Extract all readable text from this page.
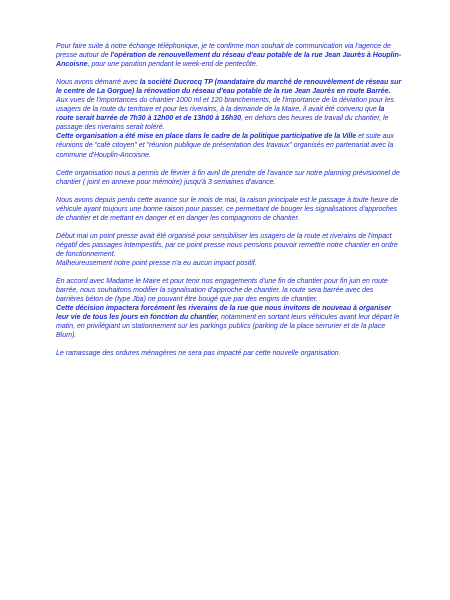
Pour faire suite à notre échange téléphonique, je te confirme mon souhait de communication via l'agence de presse autour de l'opération de renouvellement du réseau d'eau potable de la rue Jean Jaurès à Houplin-Ancoisne, pour une parution pendant le week-end de pentecôte.

Nous avons démarré avec la société Ducrocq TP (mandataire du marché de renouvèlement de réseau sur le centre de La Gorgue) la rénovation du réseau d'eau potable de la rue Jean Jaurès en route Barrée.
Aux vues de l'importances du chantier 1000 ml et 120 branchements, de l'importance de la déviation pour les usagers de la route du territoire et pour les riverains, à la demande de la Maire, il avait été convenu que la route serait barrée de 7h30 à 12h00 et de 13h00 à 16h30, en dehors des heures de travail du chantier, le passage des riverains serait toléré.
Cette organisation a été mise en place dans le cadre de la politique participative de la Ville et suite aux réunions de "café citoyen" et "réunion publique de présentation des travaux" organisés en partenariat avec la commune d'Houplin-Ancoisne.

Cette organisation nous a permis de février à fin avril de prendre de l'avance sur notre planning prévisionnel de chantier ( joint en annexe pour mémoire) jusqu'à 3 semaines d'avance.

Nous avons depuis perdu cette avance sur le mois de mai, la raison principale est le passage à toute heure de véhicule ayant toujours une bonne raison pour passer, ce permettant de bouger les signalisations d'approches de chantier et de mettant en danger et en danger les compagnons de chantier.

Début mai un point presse avait été organisé pour sensibiliser les usagers de la route et riverains de l'impact négatif des passages intempestifs, par ce point presse nous pensions pouvoir remettre notre chantier en ordre de fonctionnement.
Malheureusement notre point presse n'a eu aucun impact positif.

En accord avec Madame le Maire et pour tenir nos engagements d'une fin de chantier pour fin juin en route barrée, nous souhaitons modifier la signalisation d'approche de chantier, la route sera barrée avec des barrières béton de (type Jba) ne pouvant être bougé que par des engins de chantier.
Cette décision impactera forcément les riverains de la rue que nous invitons de nouveau à organiser leur vie de tous les jours en fonction du chantier, notamment en sortant leurs véhicules avant leur départ le matin, en privilégiant un stationnement sur les parkings publics (parking de la place serrurier et de la place Blum).

Le ramassage des ordures ménagères ne sera pas impacté par cette nouvelle organisation.
